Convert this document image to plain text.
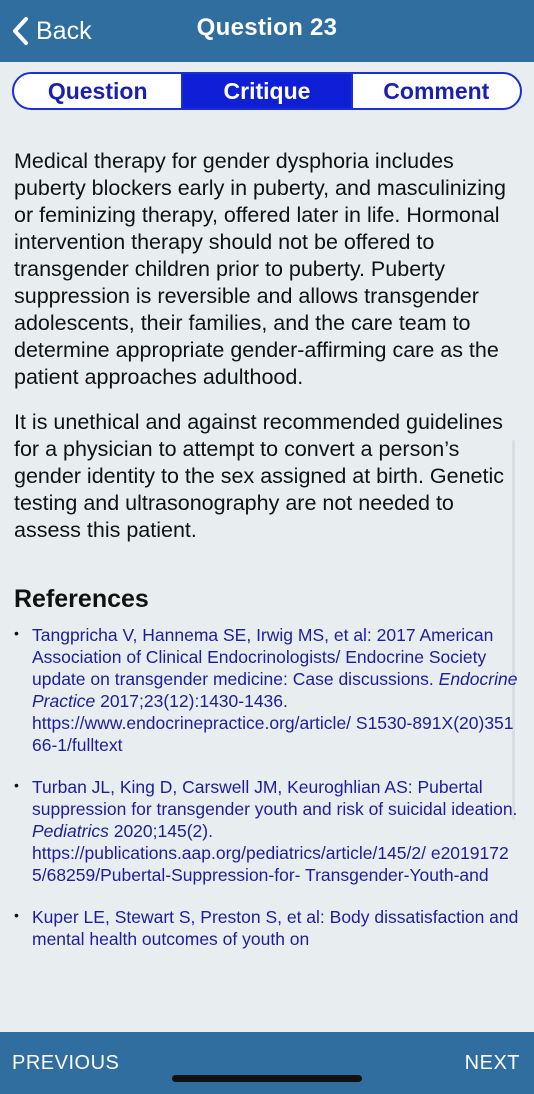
Back	Question 23
Question	Critique	Comment

Medical therapy for gender dysphoria includes puberty blockers early in puberty, and masculinizing or feminizing therapy, offered later in life. Hormonal intervention therapy should not be offered to transgender children prior to puberty. Puberty suppression is reversible and allows transgender adolescents, their families, and the care team to determine appropriate gender-affirming care as the patient approaches adulthood.

It is unethical and against recommended guidelines for a physician to attempt to convert a person’s gender identity to the sex assigned at birth. Genetic testing and ultrasonography are not needed to assess this patient.

References
• Tangpricha V, Hannema SE, Irwig MS, et al: 2017 American Association of Clinical Endocrinologists/ Endocrine Society update on transgender medicine: Case discussions. Endocrine Practice 2017;23(12):1430-1436.
https://www.endocrinepractice.org/article/ S1530-891X(20)35166-1/fulltext
• Turban JL, King D, Carswell JM, Keuroghlian AS: Pubertal suppression for transgender youth and risk of suicidal ideation. Pediatrics 2020;145(2).
https://publications.aap.org/pediatrics/article/145/2/ e20191725/68259/Pubertal-Suppression-for- Transgender-Youth-and
• Kuper LE, Stewart S, Preston S, et al: Body dissatisfaction and mental health outcomes of youth on
PREVIOUS	NEXT
